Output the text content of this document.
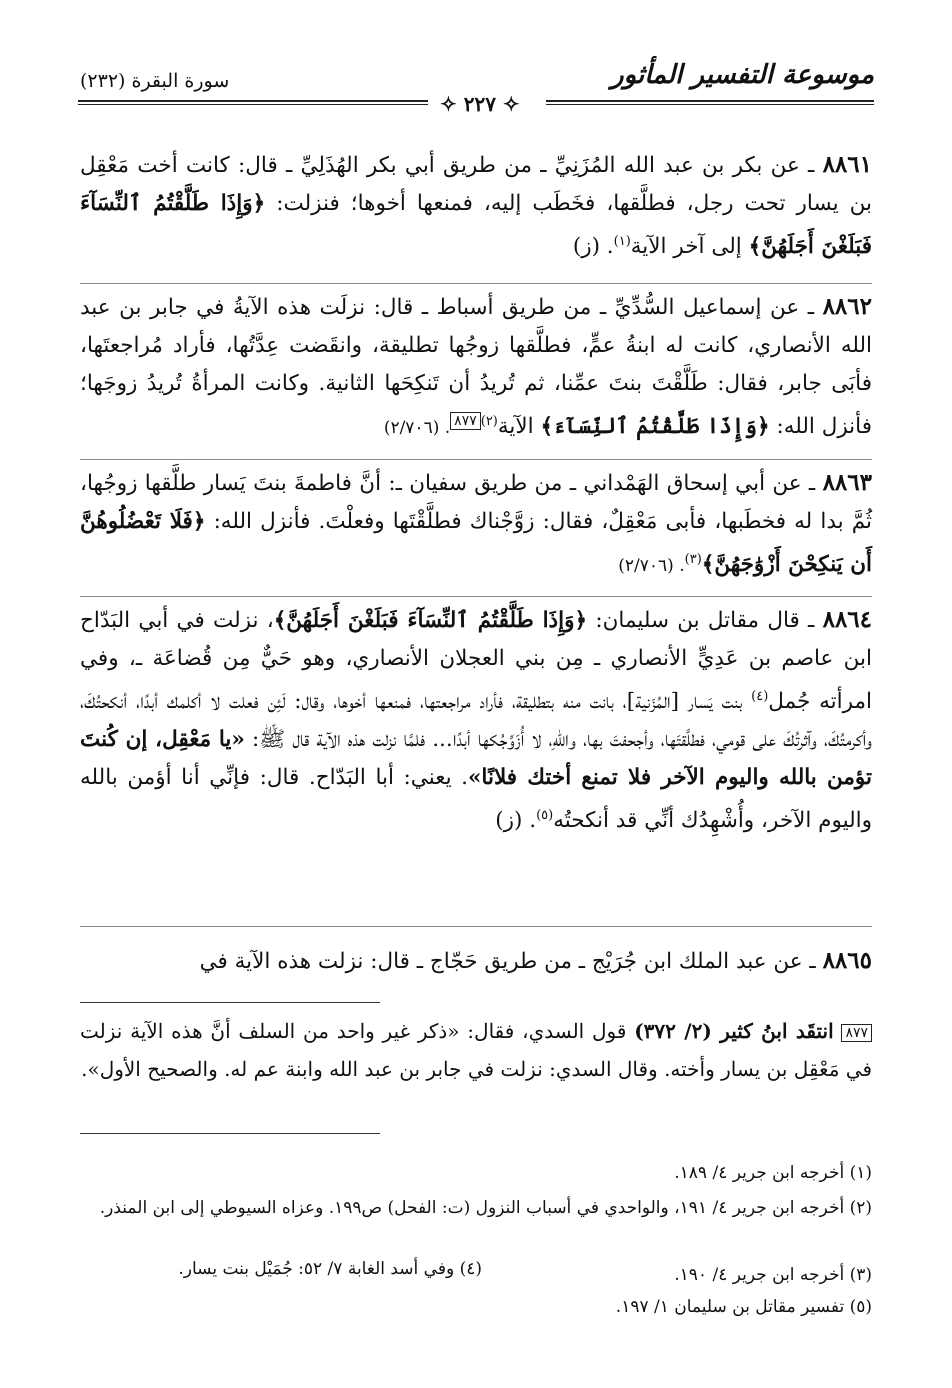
موسوعة التفسير المأثور
سورة البقرة (٢٣٢)
✧ ٢٢٧ ✧
٨٨٦١ ـ عن بكر بن عبد الله المُزَنِيِّ ـ من طريق أبي بكر الهُذَلِيِّ ـ قال: كانت أخت مَعْقِل بن يسار تحت رجل، فطلَّقها، فخَطَب إليه، فمنعها أخوها؛ فنزلت: ﴿وَإِذَا طَلَّقْتُمُ ٱلنِّسَآءَ فَبَلَغْنَ أَجَلَهُنَّ﴾ إلى آخر الآية$^{(١)}$. (ز)
٨٨٦٢ ـ عن إسماعيل السُّدِّيِّ ـ من طريق أسباط ـ قال: نزلَت هذه الآيةُ في جابر بن عبد الله الأنصاري، كانت له ابنةُ عمٍّ، فطلَّقها زوجُها تطليقة، وانقَضت عِدَّتُها، فأراد مُراجعتَها، فأبَى جابر، فقال: طَلَّقْتَ بنتَ عمِّنا، ثم تُريدُ أن تَنكِحَها الثانية. وكانت المرأةُ تُريدُ زوجَها؛ فأنزل الله: ﴿وَإِذَا طَلَّقْتُمُ ٱلنِّسَآءَ﴾ الآية$^{(٢)}$٨٧٧. (٢/٧٠٦)
٨٨٦٣ ـ عن أبي إسحاق الهَمْداني ـ من طريق سفيان ـ: أنَّ فاطمةَ بنتَ يَسار طلَّقها زوجُها، ثُمَّ بدا له فخطَبها، فأبى مَعْقِلٌ، فقال: زوَّجْناك فطلَّقْتَها وفعلْتَ. فأنزل الله: ﴿فَلَا تَعْضُلُوهُنَّ أَن يَنكِحْنَ أَزْوَٰجَهُنَّ﴾$^{(٣)}$. (٢/٧٠٦)
٨٨٦٤ ـ قال مقاتل بن سليمان: ﴿وَإِذَا طَلَّقْتُمُ ٱلنِّسَآءَ فَبَلَغْنَ أَجَلَهُنَّ﴾، نزلت في أبي البَدّاح ابن عاصم بن عَدِيٍّ الأنصاري ـ مِن بني العجلان الأنصاري، وهو حَيٌّ مِن قُضاعَة ـ، وفي امرأته جُمل$^{(٤)}$ بنت يَسار [المُزَنية]، بانت منه بتطليقة، فأراد مراجعتها، فمنعها أخوها، وقال: لَئِن فعلت لا أكلمك أبدًا، أنكحتُكَ، وأكرمتُكَ، وآثرتُكَ على قومي، فطلَّقتَها، وأجحفتَ بها، واللهِ، لا أُزَوِّجُكها أبدًا... فلمَّا نزلت هذه الآية قال ﷺ: «يا مَعْقِل، إن كُنتَ تؤمن بالله واليوم الآخر فلا تمنع أختك فلانًا». يعني: أبا البَدّاح. قال: فإنِّي أنا أؤمن بالله واليوم الآخر، وأُشْهِدُك أنِّي قد أنكحتُه$^{(٥)}$. (ز)
٨٨٦٥ ـ عن عبد الملك ابن جُرَيْج ـ من طريق حَجّاج ـ قال: نزلت هذه الآية في
٨٧٧ انتقَد ابنُ كثير (٢/ ٣٧٢) قول السدي، فقال: «ذكر غير واحد من السلف أنَّ هذه الآية نزلت في مَعْقِل بن يسار وأخته. وقال السدي: نزلت في جابر بن عبد الله وابنة عم له. والصحيح الأول».
(١) أخرجه ابن جرير ٤/ ١٨٩.
(٢) أخرجه ابن جرير ٤/ ١٩١، والواحدي في أسباب النزول (ت: الفحل) ص١٩٩. وعزاه السيوطي إلى ابن المنذر.
(٣) أخرجه ابن جرير ٤/ ١٩٠.
(٤) وفي أسد الغابة ٧/ ٥٢: جُمَيْل بنت يسار.
(٥) تفسير مقاتل بن سليمان ١/ ١٩٧.
